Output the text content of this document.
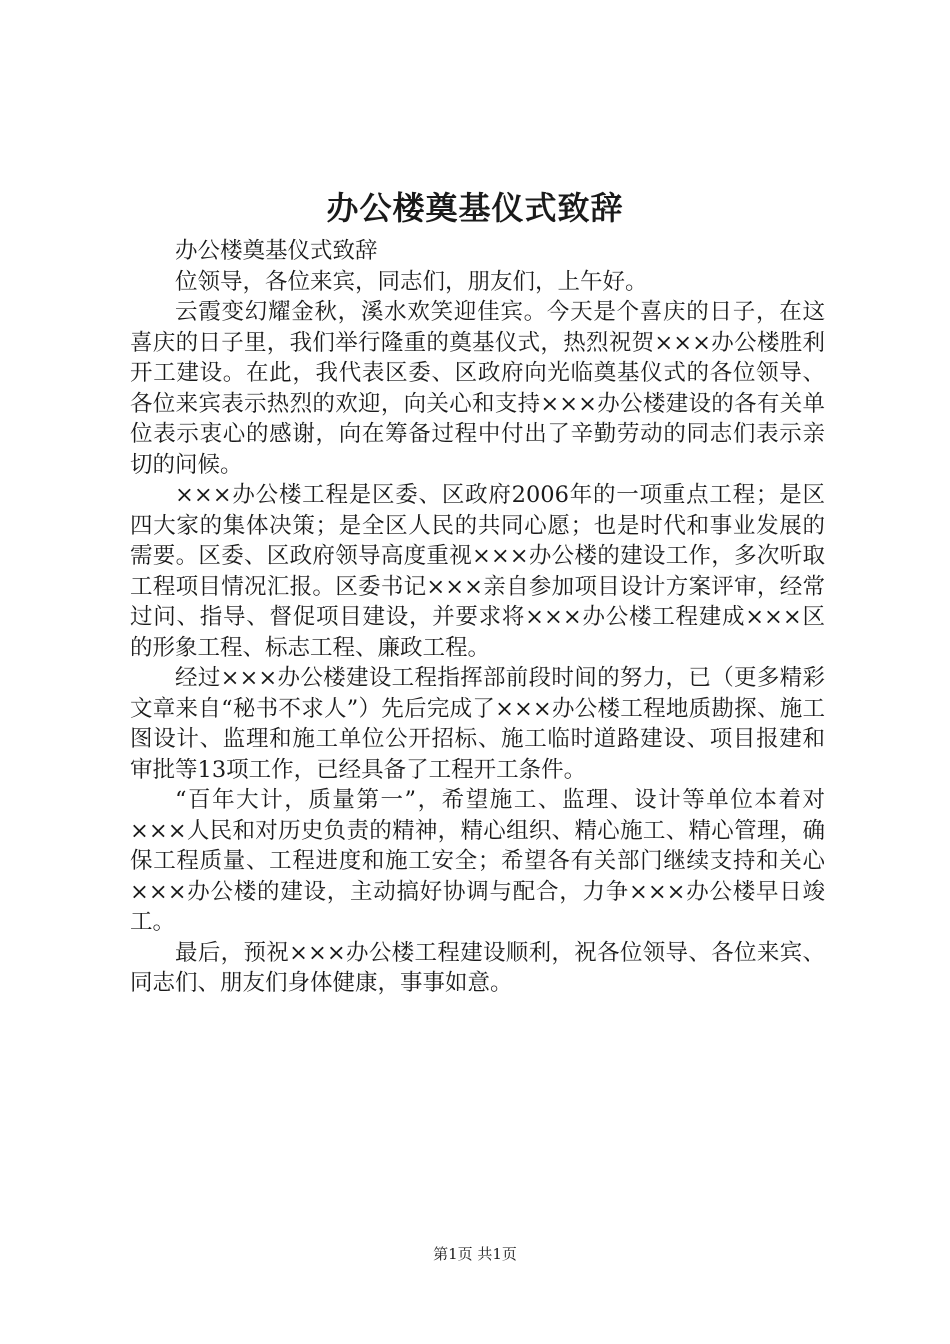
办公楼奠基仪式致辞

办公楼奠基仪式致辞

位领导，各位来宾，同志们，朋友们，上午好。

云霞变幻耀金秋，溪水欢笑迎佳宾。今天是个喜庆的日子，在这喜庆的日子里，我们举行隆重的奠基仪式，热烈祝贺×××办公楼胜利开工建设。在此，我代表区委、区政府向光临奠基仪式的各位领导、各位来宾表示热烈的欢迎，向关心和支持×××办公楼建设的各有关单位表示衷心的感谢，向在筹备过程中付出了辛勤劳动的同志们表示亲切的问候。

×××办公楼工程是区委、区政府2006年的一项重点工程；是区四大家的集体决策；是全区人民的共同心愿；也是时代和事业发展的需要。区委、区政府领导高度重视×××办公楼的建设工作，多次听取工程项目情况汇报。区委书记×××亲自参加项目设计方案评审，经常过问、指导、督促项目建设，并要求将×××办公楼工程建成×××区的形象工程、标志工程、廉政工程。

经过×××办公楼建设工程指挥部前段时间的努力，已（更多精彩文章来自“秘书不求人”）先后完成了×××办公楼工程地质勘探、施工图设计、监理和施工单位公开招标、施工临时道路建设、项目报建和审批等13项工作，已经具备了工程开工条件。

“百年大计，质量第一”，希望施工、监理、设计等单位本着对×××人民和对历史负责的精神，精心组织、精心施工、精心管理，确保工程质量、工程进度和施工安全；希望各有关部门继续支持和关心×××办公楼的建设，主动搞好协调与配合，力争×××办公楼早日竣工。

最后，预祝×××办公楼工程建设顺利，祝各位领导、各位来宾、同志们、朋友们身体健康，事事如意。

第1页 共1页
